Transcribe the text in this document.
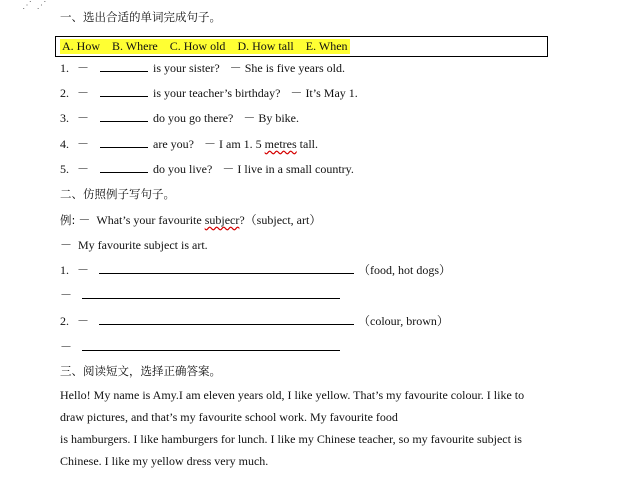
⋰ ⋰
一、选出合适的单词完成句子。
A. How B. Where C. How old D. How tall E. When
1. －	is your sister? － She is five years old.
2. －	is your teacher’s birthday? － It’s May 1.
3. －	do you go there? － By bike.
4. －	are you? － I am 1. 5 metres tall.
5. －	do you live? － I live in a small country.
二、仿照例子写句子。
例: － What’s your favourite subjecr?（subject, art）
－ My favourite subject is art.
1. －	（food, hot dogs）
－
2. －	（colour, brown）
－
三、阅读短文，选择正确答案。
Hello! My name is Amy.I am eleven years old, I like yellow. That’s my favourite colour. I like to
draw pictures, and that’s my favourite school work. My favourite food
is hamburgers. I like hamburgers for lunch. I like my Chinese teacher, so my favourite subject is
Chinese. I like my yellow dress very much.
